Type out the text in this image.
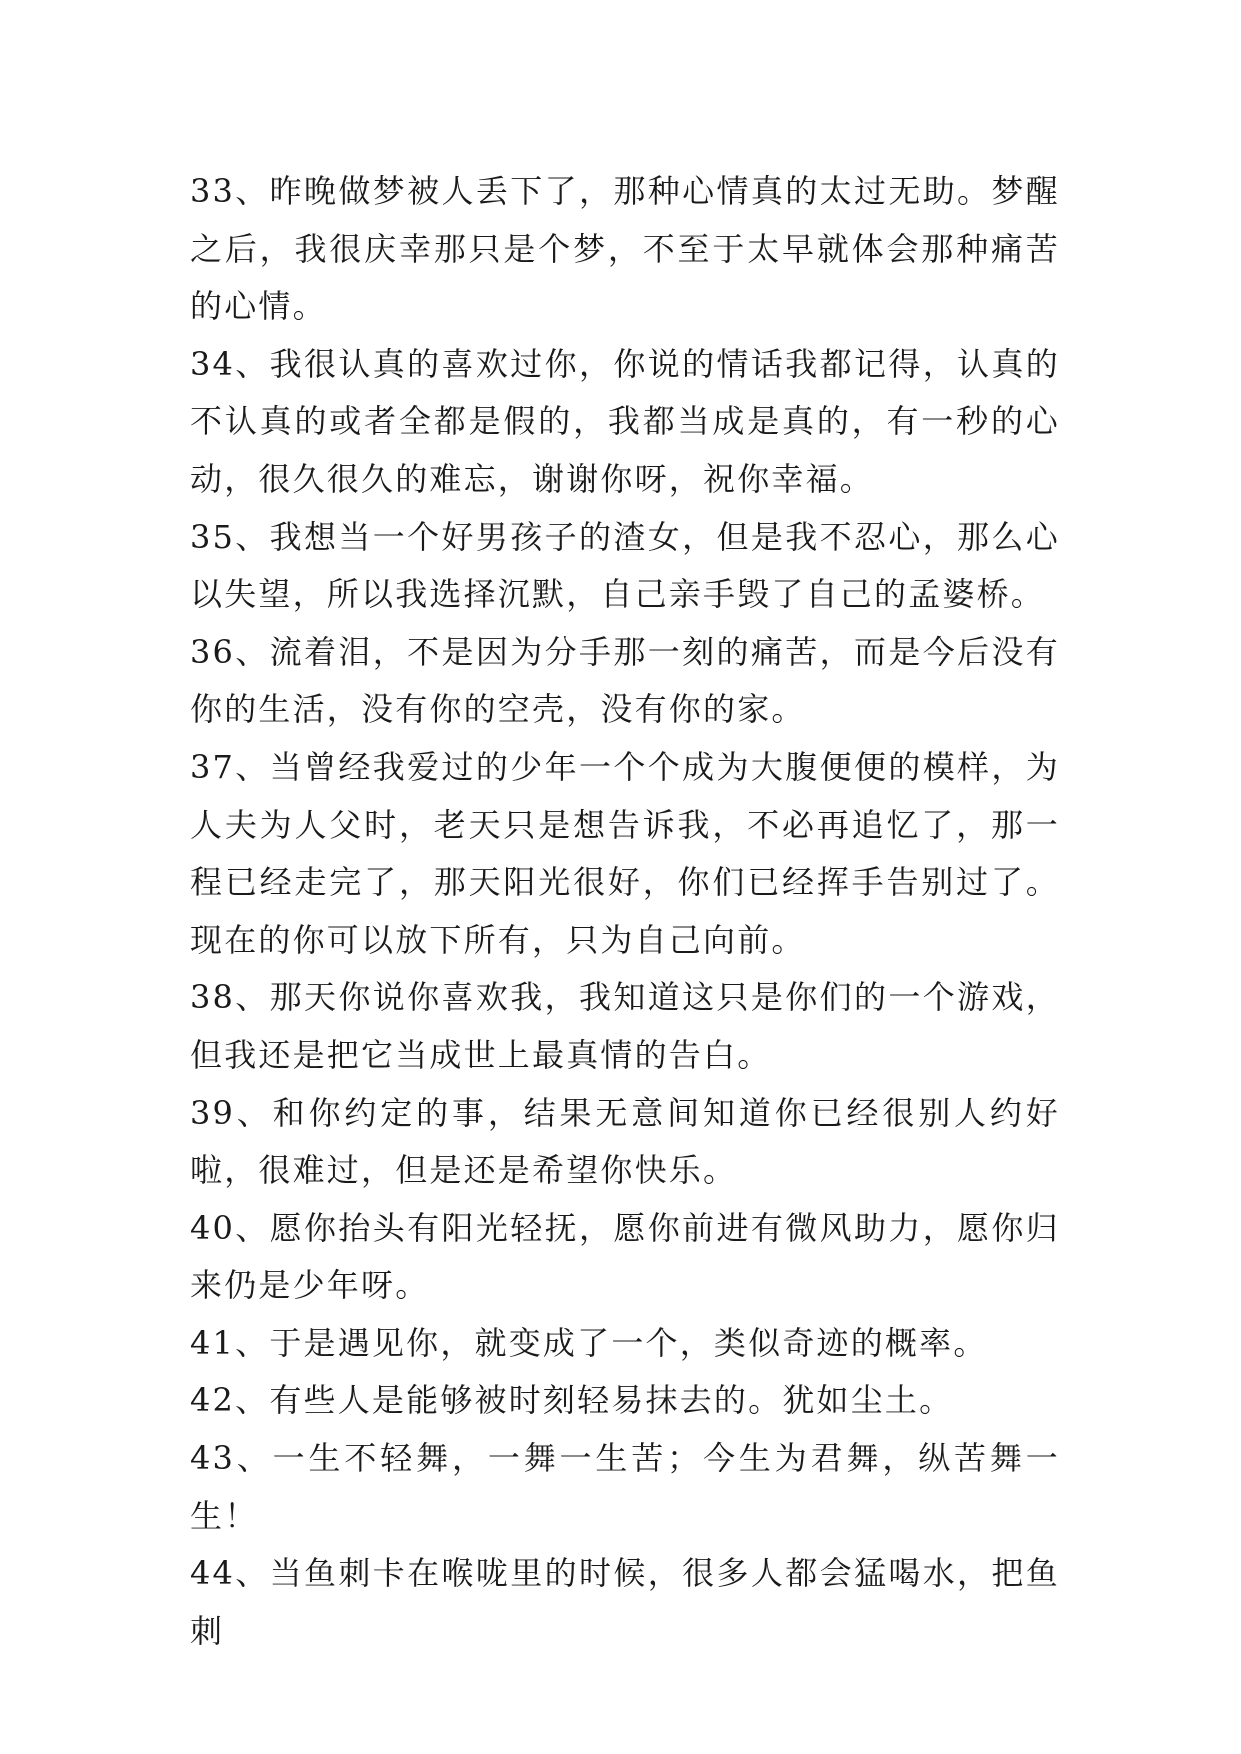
33、昨晚做梦被人丢下了，那种心情真的太过无助。梦醒之后，我很庆幸那只是个梦，不至于太早就体会那种痛苦的心情。

34、我很认真的喜欢过你，你说的情话我都记得，认真的不认真的或者全都是假的，我都当成是真的，有一秒的心动，很久很久的难忘，谢谢你呀，祝你幸福。

35、我想当一个好男孩子的渣女，但是我不忍心，那么心以失望，所以我选择沉默，自己亲手毁了自己的孟婆桥。

36、流着泪，不是因为分手那一刻的痛苦，而是今后没有你的生活，没有你的空壳，没有你的家。

37、当曾经我爱过的少年一个个成为大腹便便的模样，为人夫为人父时，老天只是想告诉我，不必再追忆了，那一程已经走完了，那天阳光很好，你们已经挥手告别过了。现在的你可以放下所有，只为自己向前。

38、那天你说你喜欢我，我知道这只是你们的一个游戏，但我还是把它当成世上最真情的告白。

39、和你约定的事，结果无意间知道你已经很别人约好啦，很难过，但是还是希望你快乐。

40、愿你抬头有阳光轻抚，愿你前进有微风助力，愿你归来仍是少年呀。

41、于是遇见你，就变成了一个，类似奇迹的概率。

42、有些人是能够被时刻轻易抹去的。犹如尘土。

43、一生不轻舞，一舞一生苦；今生为君舞，纵苦舞一生！

44、当鱼刺卡在喉咙里的时候，很多人都会猛喝水，把鱼刺
